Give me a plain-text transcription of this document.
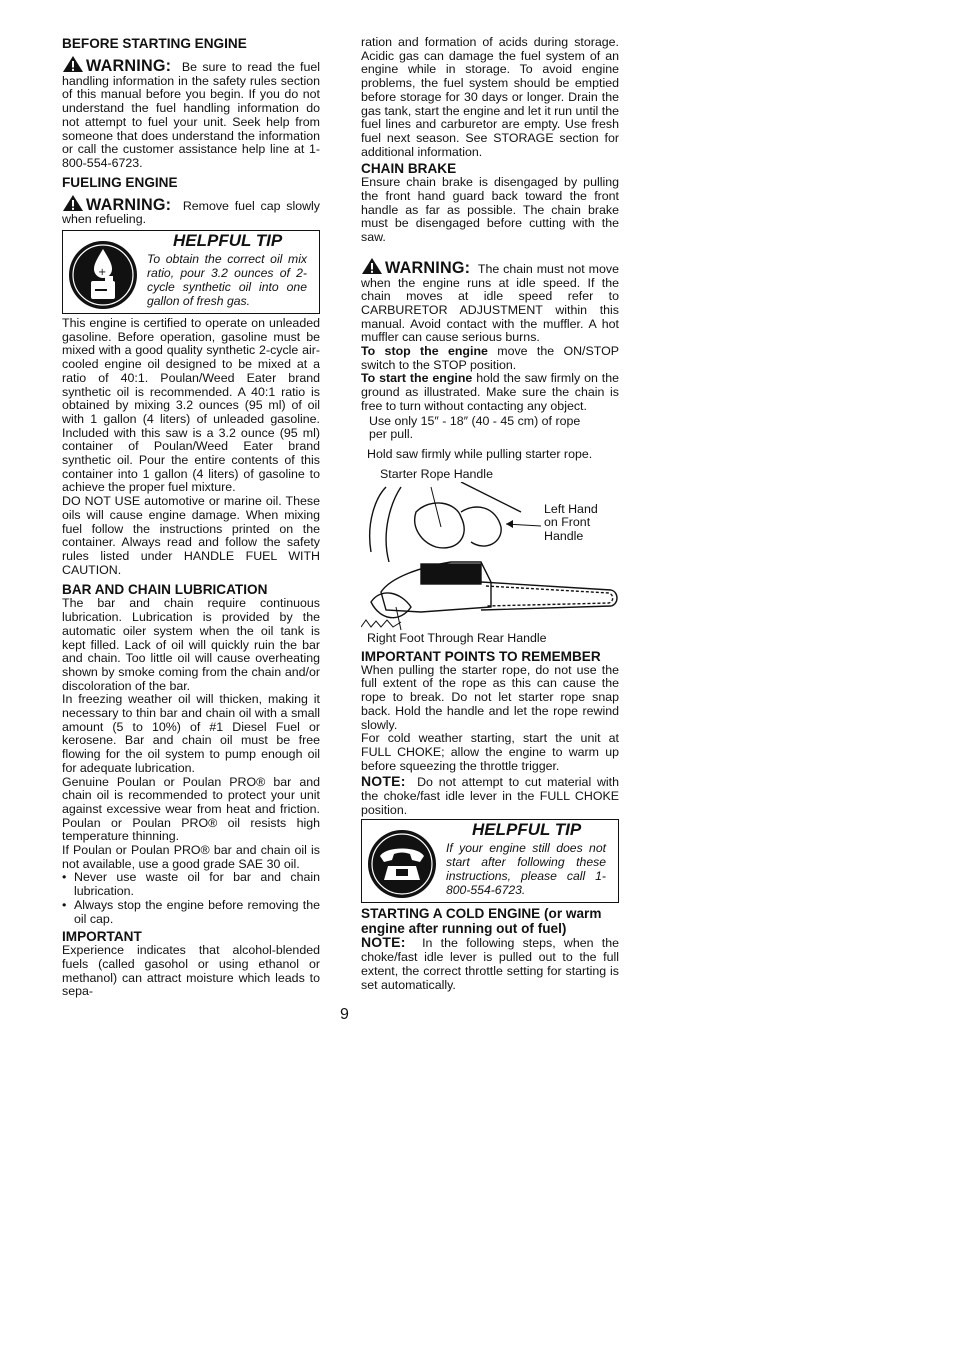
BEFORE STARTING ENGINE

WARNING: Be sure to read the fuel handling information in the safety rules section of this manual before you begin. If you do not understand the fuel handling information do not attempt to fuel your unit. Seek help from someone that does understand the information or call the customer assistance help line at 1-800-554-6723.

FUELING ENGINE

WARNING: Remove fuel cap slowly when refueling.

+
HELPFUL TIP
To obtain the correct oil mix ratio, pour 3.2 ounces of 2-cycle synthetic oil into one gallon of fresh gas.

This engine is certified to operate on unleaded gasoline. Before operation, gasoline must be mixed with a good quality synthetic 2-cycle air-cooled engine oil designed to be mixed at a ratio of 40:1. Poulan/Weed Eater brand synthetic oil is recommended. A 40:1 ratio is obtained by mixing 3.2 ounces (95 ml) of oil with 1 gallon (4 liters) of unleaded gasoline. Included with this saw is a 3.2 ounce (95 ml) container of Poulan/Weed Eater brand synthetic oil. Pour the entire contents of this container into 1 gallon (4 liters) of gasoline to achieve the proper fuel mixture.

DO NOT USE automotive or marine oil. These oils will cause engine damage. When mixing fuel follow the instructions printed on the container. Always read and follow the safety rules listed under HANDLE FUEL WITH CAUTION.

BAR AND CHAIN LUBRICATION

The bar and chain require continuous lubrication. Lubrication is provided by the automatic oiler system when the oil tank is kept filled. Lack of oil will quickly ruin the bar and chain. Too little oil will cause overheating shown by smoke coming from the chain and/or discoloration of the bar.

In freezing weather oil will thicken, making it necessary to thin bar and chain oil with a small amount (5 to 10%) of #1 Diesel Fuel or kerosene. Bar and chain oil must be free flowing for the oil system to pump enough oil for adequate lubrication.

Genuine Poulan or Poulan PRO® bar and chain oil is recommended to protect your unit against excessive wear from heat and friction. Poulan or Poulan PRO® oil resists high temperature thinning.

If Poulan or Poulan PRO® bar and chain oil is not available, use a good grade SAE 30 oil.

• Never use waste oil for bar and chain lubrication.
• Always stop the engine before removing the oil cap.
IMPORTANT

Experience indicates that alcohol-blended fuels (called gasohol or using ethanol or methanol) can attract moisture which leads to sepa-

ration and formation of acids during storage. Acidic gas can damage the fuel system of an engine while in storage. To avoid engine problems, the fuel system should be emptied before storage for 30 days or longer. Drain the gas tank, start the engine and let it run until the fuel lines and carburetor are empty. Use fresh fuel next season. See STORAGE section for additional information.

CHAIN BRAKE

Ensure chain brake is disengaged by pulling the front hand guard back toward the front handle as far as possible. The chain brake must be disengaged before cutting with the saw.

WARNING: The chain must not move when the engine runs at idle speed. If the chain moves at idle speed refer to CARBURETOR ADJUSTMENT within this manual. Avoid contact with the muffler. A hot muffler can cause serious burns.

To stop the engine move the ON/STOP switch to the STOP position.

To start the engine hold the saw firmly on the ground as illustrated. Make sure the chain is free to turn without contacting any object.

Use only 15″ - 18″ (40 - 45 cm) of rope per pull.

Hold saw firmly while pulling starter rope.

Starter Rope Handle
Left Hand on Front Handle
Right Foot Through Rear Handle
IMPORTANT POINTS TO REMEMBER

When pulling the starter rope, do not use the full extent of the rope as this can cause the rope to break. Do not let starter rope snap back. Hold the handle and let the rope rewind slowly.

For cold weather starting, start the unit at FULL CHOKE; allow the engine to warm up before squeezing the throttle trigger.

NOTE: Do not attempt to cut material with the choke/fast idle lever in the FULL CHOKE position.

HELPFUL TIP
If your engine still does not start after following these instructions, please call 1-800-554-6723.
STARTING A COLD ENGINE (or warm engine after running out of fuel)

NOTE: In the following steps, when the choke/fast idle lever is pulled out to the full extent, the correct throttle setting for starting is set automatically.

9
